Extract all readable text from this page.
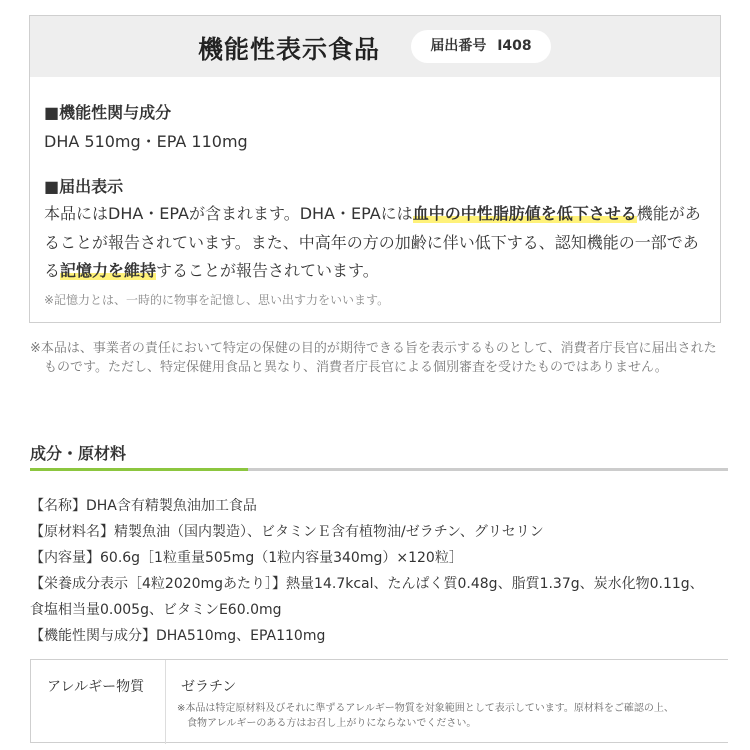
機能性表示食品	届出番号 I408
■機能性関与成分
DHA 510mg・EPA 110mg
■届出表示
本品にはDHA・EPAが含まれます。DHA・EPAには血中の中性脂肪値を低下させる機能があることが報告されています。また、中高年の方の加齢に伴い低下する、認知機能の一部である記憶力を維持することが報告されています。
※記憶力とは、一時的に物事を記憶し、思い出す力をいいます。
※本品は、事業者の責任において特定の保健の目的が期待できる旨を表示するものとして、消費者庁長官に届出されたものです。ただし、特定保健用食品と異なり、消費者庁長官による個別審査を受けたものではありません。
成分・原材料
【名称】DHA含有精製魚油加工食品
【原材料名】精製魚油（国内製造）、ビタミンＥ含有植物油/ゼラチン、グリセリン
【内容量】60.6g［1粒重量505mg（1粒内容量340mg）×120粒］
【栄養成分表示［4粒2020mgあたり］】熱量14.7kcal、たんぱく質0.48g、脂質1.37g、炭水化物0.11g、
食塩相当量0.005g、ビタミンE60.0mg
【機能性関与成分】DHA510mg、EPA110mg
アレルギー物質	ゼラチン
※本品は特定原材料及びそれに準ずるアレルギー物質を対象範囲として表示しています。原材料をご確認の上、
食物アレルギーのある方はお召し上がりにならないでください。
